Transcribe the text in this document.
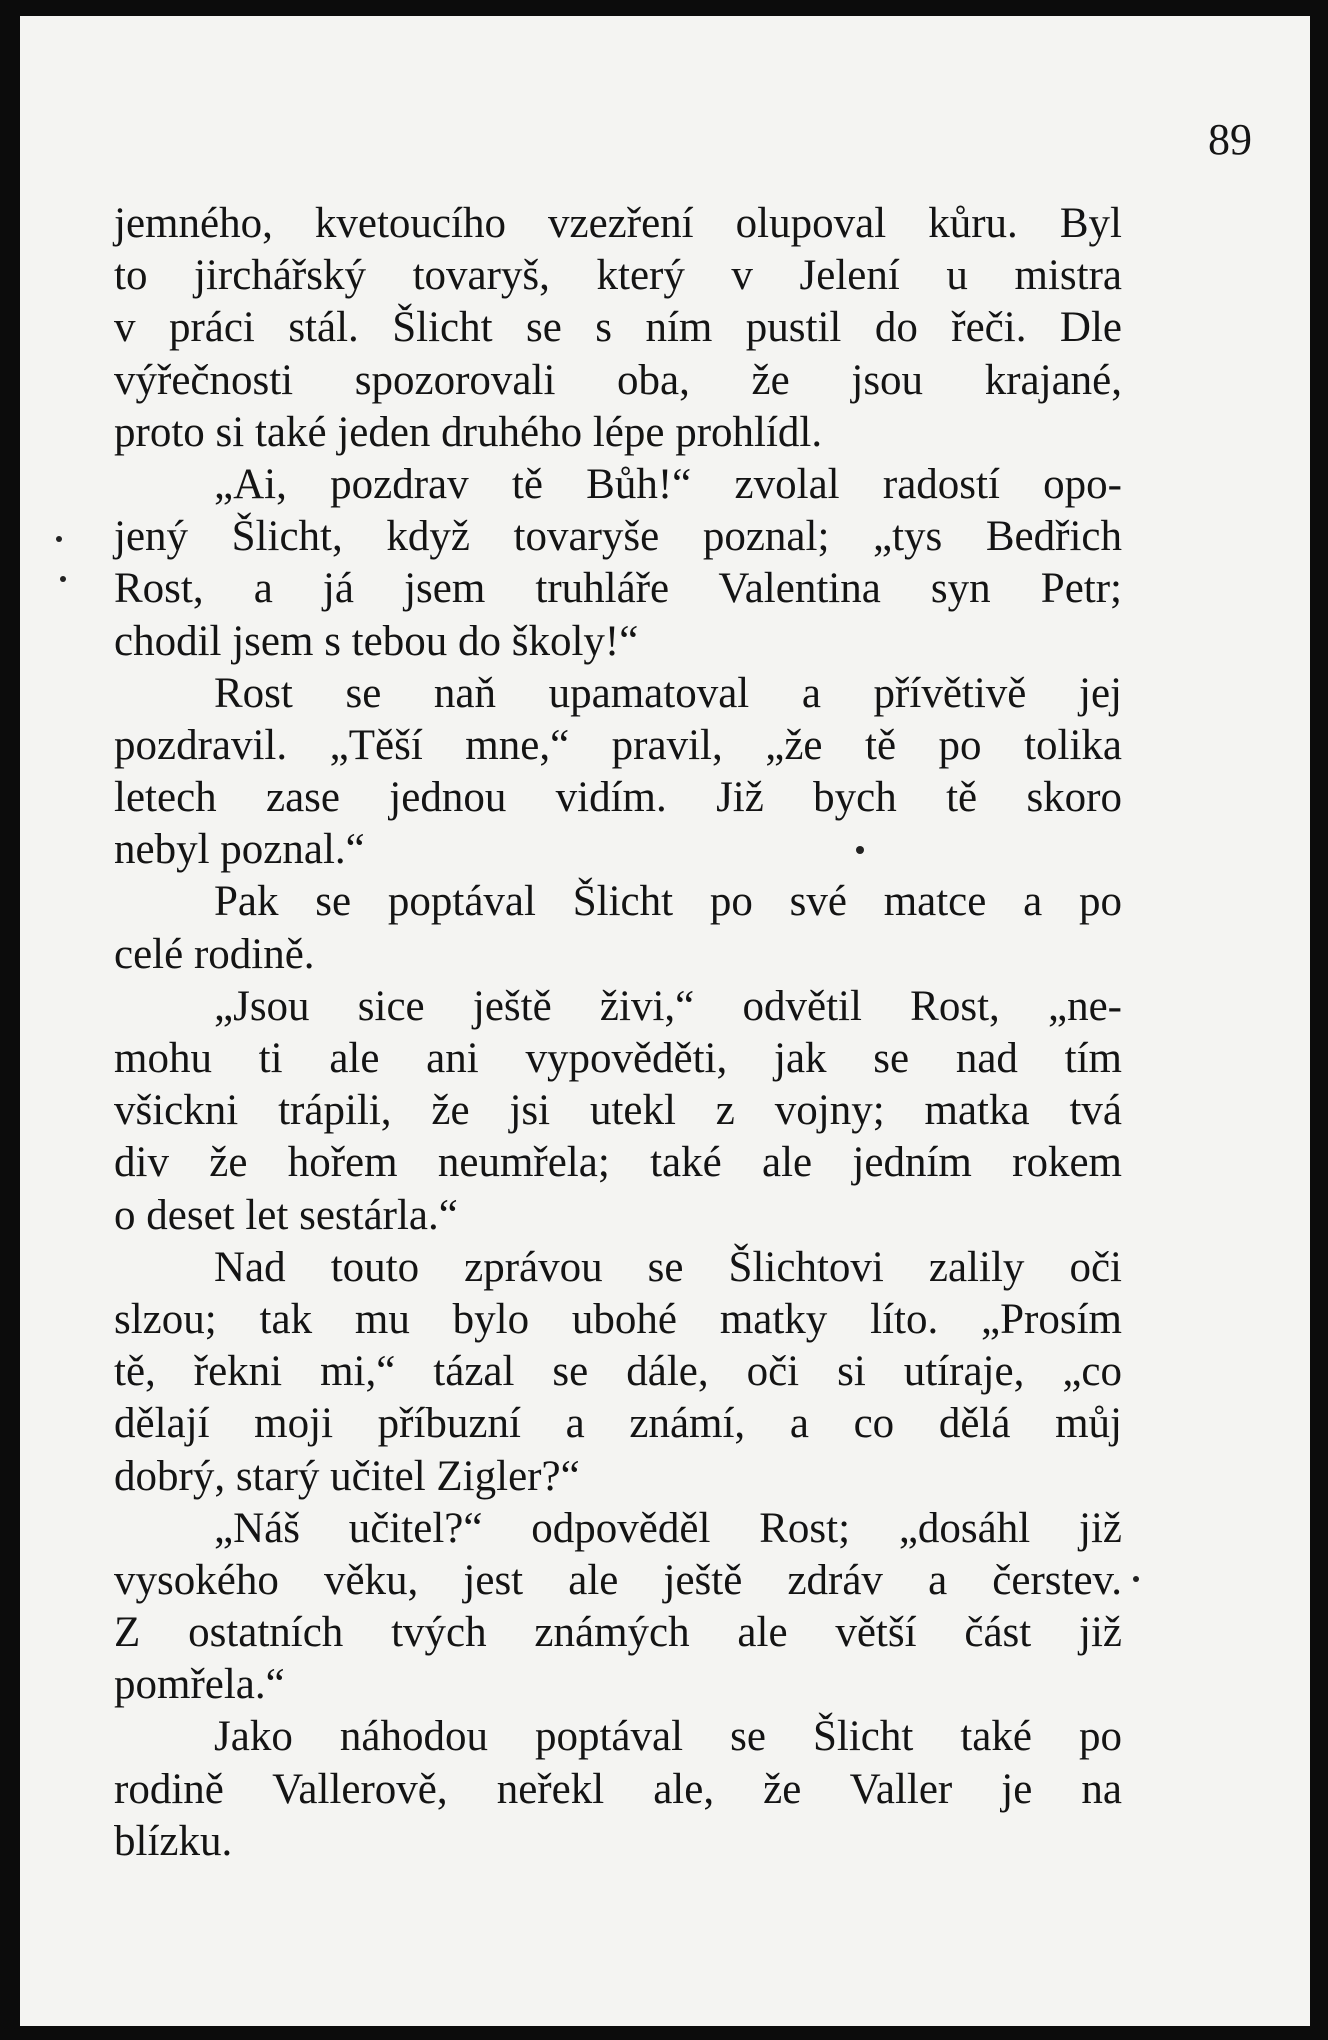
89
jemného, kvetoucího vzezření olupoval kůru. Byl
to jirchářský tovaryš, který v Jelení u mistra
v práci stál. Šlicht se s ním pustil do řeči. Dle
výřečnosti spozorovali oba, že jsou krajané,
proto si také jeden druhého lépe prohlídl.
„Ai, pozdrav tě Bůh!“ zvolal radostí opo-
jený Šlicht, když tovaryše poznal; „tys Bedřich
Rost, a já jsem truhláře Valentina syn Petr;
chodil jsem s tebou do školy!“
Rost se naň upamatoval a přívětivě jej
pozdravil. „Těší mne,“ pravil, „že tě po tolika
letech zase jednou vidím. Již bych tě skoro
nebyl poznal.“
Pak se poptával Šlicht po své matce a po
celé rodině.
„Jsou sice ještě živi,“ odvětil Rost, „ne-
mohu ti ale ani vypověděti, jak se nad tím
všickni trápili, že jsi utekl z vojny; matka tvá
div že hořem neumřela; také ale jedním rokem
o deset let sestárla.“
Nad touto zprávou se Šlichtovi zalily oči
slzou; tak mu bylo ubohé matky líto. „Prosím
tě, řekni mi,“ tázal se dále, oči si utíraje, „co
dělají moji příbuzní a známí, a co dělá můj
dobrý, starý učitel Zigler?“
„Náš učitel?“ odpověděl Rost; „dosáhl již
vysokého věku, jest ale ještě zdráv a čerstev.
Z ostatních tvých známých ale větší část již
pomřela.“
Jako náhodou poptával se Šlicht také po
rodině Vallerově, neřekl ale, že Valler je na
blízku.
